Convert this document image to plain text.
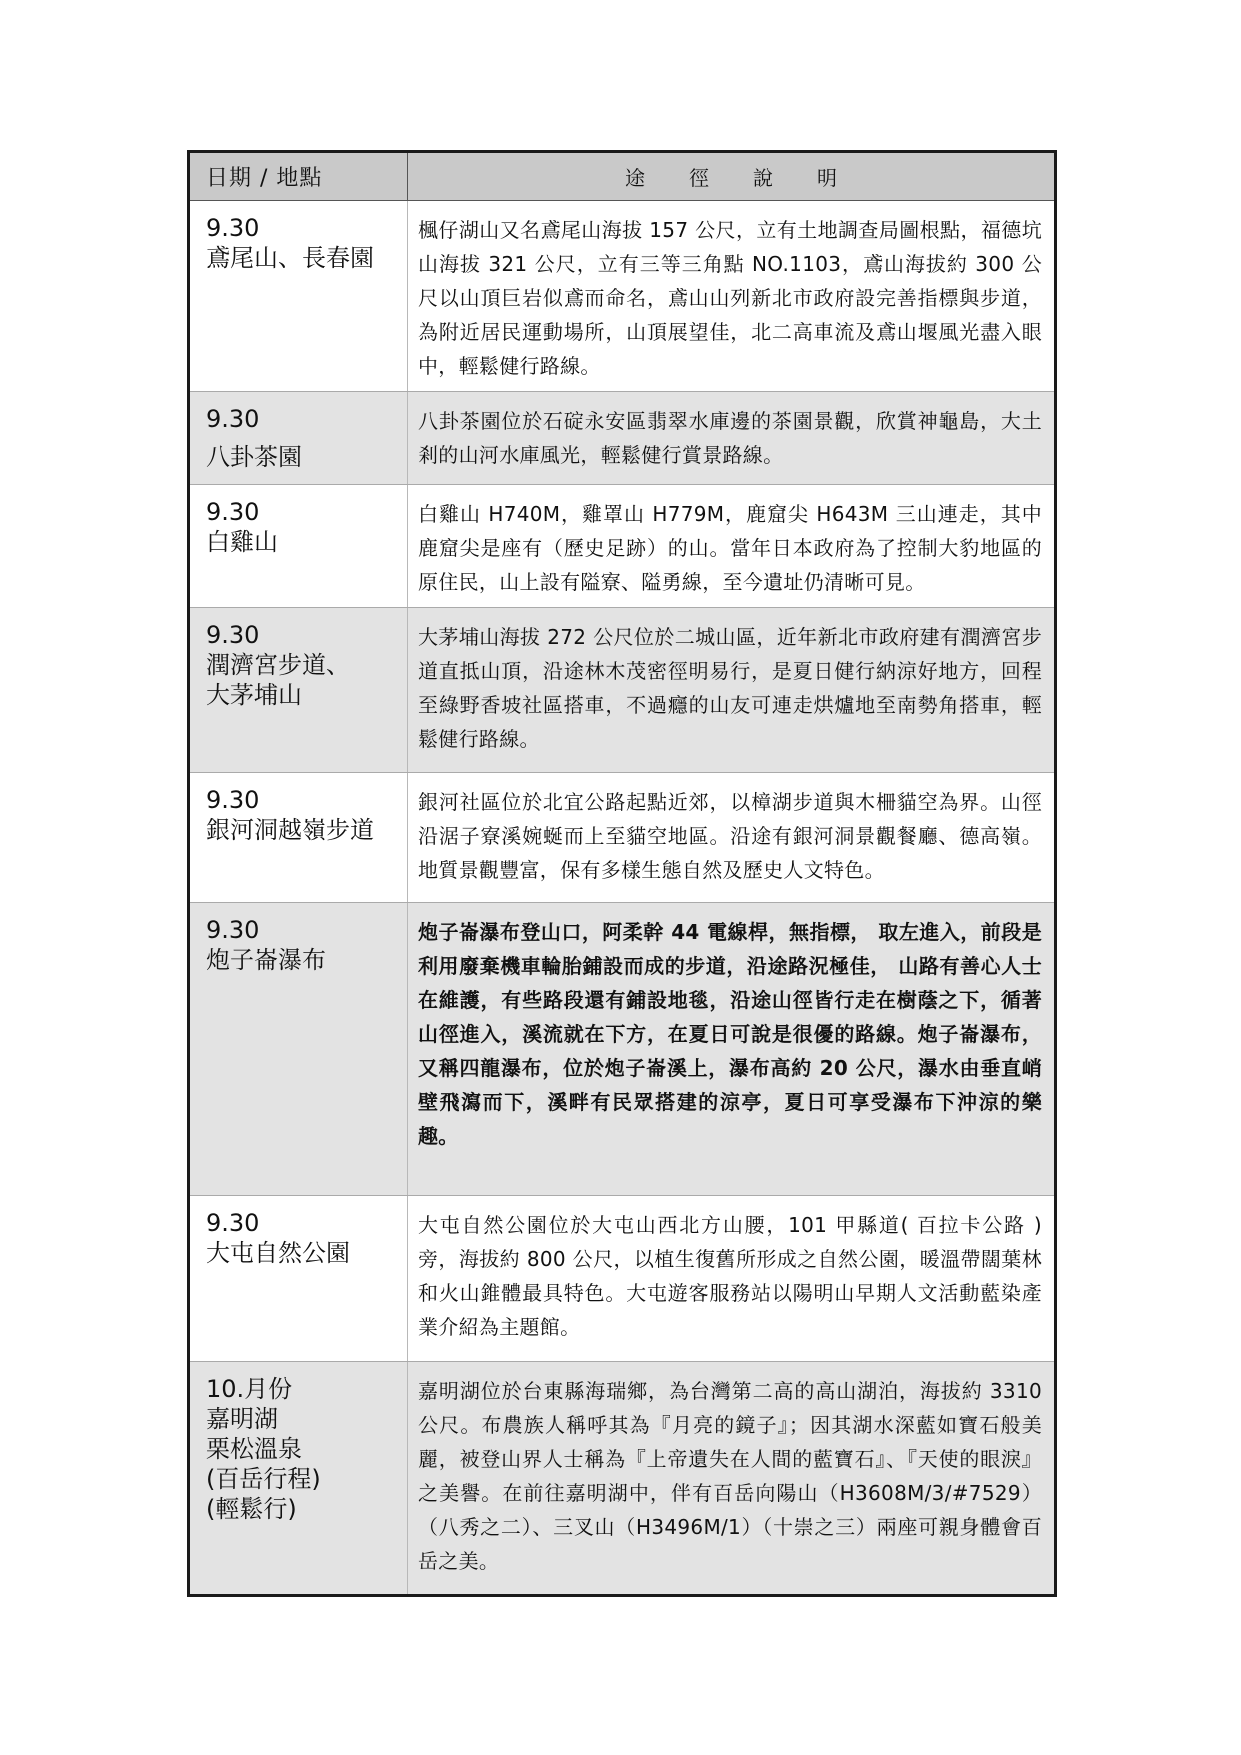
日期 / 地點	途 徑 說 明
9.30
鳶尾山、長春園
楓仔湖山又名鳶尾山海拔 157 公尺，立有土地調查局圖根點，福德坑山海拔 321 公尺，立有三等三角點 NO.1103，鳶山海拔約 300 公尺以山頂巨岩似鳶而命名，鳶山山列新北市政府設完善指標與步道，為附近居民運動場所，山頂展望佳，北二高車流及鳶山堰風光盡入眼中，輕鬆健行路線。
9.30
八卦茶園
八卦茶園位於石碇永安區翡翠水庫邊的茶園景觀，欣賞神龜島，大土剎的山河水庫風光，輕鬆健行賞景路線。
9.30
白雞山
白雞山 H740M，雞罩山 H779M，鹿窟尖 H643M 三山連走，其中鹿窟尖是座有（歷史足跡）的山。當年日本政府為了控制大豹地區的原住民，山上設有隘寮、隘勇線，至今遺址仍清晰可見。
9.30
潤濟宮步道、
大茅埔山
大茅埔山海拔 272 公尺位於二城山區，近年新北市政府建有潤濟宮步道直抵山頂，沿途林木茂密徑明易行，是夏日健行納涼好地方，回程至綠野香坡社區搭車，不過癮的山友可連走烘爐地至南勢角搭車，輕鬆健行路線。
9.30
銀河洞越嶺步道
銀河社區位於北宜公路起點近郊，以樟湖步道與木柵貓空為界。山徑沿涺子寮溪婉蜒而上至貓空地區。沿途有銀河洞景觀餐廳、德高嶺。地質景觀豐富，保有多樣生態自然及歷史人文特色。
9.30
炮子崙瀑布
炮子崙瀑布登山口，阿柔幹 44 電線桿，無指標， 取左進入，前段是利用廢棄機車輪胎鋪設而成的步道，沿途路況極佳， 山路有善心人士在維護，有些路段還有鋪設地毯，沿途山徑皆行走在樹蔭之下，循著山徑進入，溪流就在下方，在夏日可說是很優的路線。炮子崙瀑布，又稱四龍瀑布，位於炮子崙溪上，瀑布高約 20 公尺，瀑水由垂直峭壁飛瀉而下，溪畔有民眾搭建的涼亭，夏日可享受瀑布下沖涼的樂趣。
9.30
大屯自然公園
大屯自然公園位於大屯山西北方山腰，101 甲縣道( 百拉卡公路 ) 旁，海拔約 800 公尺，以植生復舊所形成之自然公園，暖溫帶闊葉林和火山錐體最具特色。大屯遊客服務站以陽明山早期人文活動藍染產業介紹為主題館。
10.月份
嘉明湖
栗松溫泉
(百岳行程)
(輕鬆行)
嘉明湖位於台東縣海瑞鄉，為台灣第二高的高山湖泊，海拔約 3310 公尺。布農族人稱呼其為『月亮的鏡子』；因其湖水深藍如寶石般美麗，被登山界人士稱為『上帝遺失在人間的藍寶石』、『天使的眼淚』之美譽。在前往嘉明湖中，伴有百岳向陽山（H3608M/3/#7529）（八秀之二）、三叉山（H3496M/1）（十崇之三）兩座可親身體會百岳之美。
